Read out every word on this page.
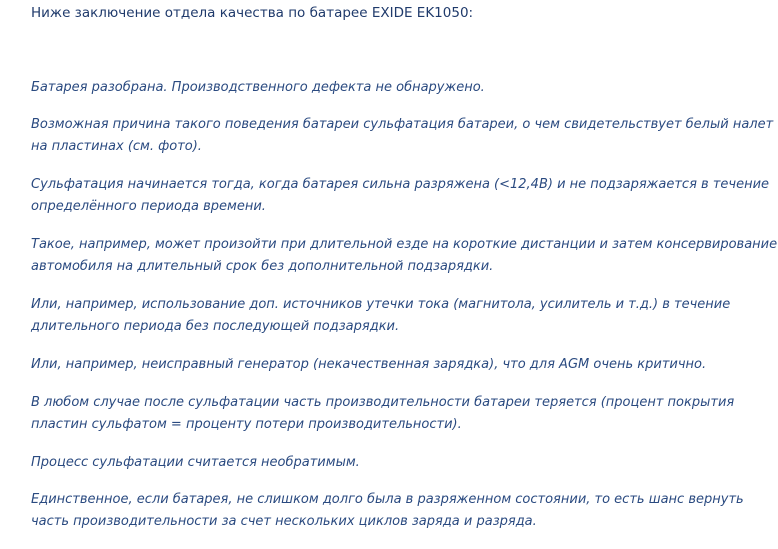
Ниже заключение отдела качества по батарее EXIDE EK1050:

Батарея разобрана. Производственного дефекта не обнаружено.
Возможная причина такого поведения батареи сульфатация батареи, о чем свидетельствует белый налет
на пластинах (см. фото).
Сульфатация начинается тогда, когда батарея сильна разряжена (<12,4В) и не подзаряжается в течение
определённого периода времени.
Такое, например, может произойти при длительной езде на короткие дистанции и затем консервирование
автомобиля на длительный срок без дополнительной подзарядки.
Или, например, использование доп. источников утечки тока (магнитола, усилитель и т.д.) в течение
длительного периода без последующей подзарядки.
Или, например, неисправный генератор (некачественная зарядка), что для AGM очень критично.
В любом случае после сульфатации часть производительности батареи теряется (процент покрытия
пластин сульфатом = проценту потери производительности).
Процесс сульфатации считается необратимым.
Единственное, если батарея, не слишком долго была в разряженном состоянии, то есть шанс вернуть
часть производительности за счет нескольких циклов заряда и разряда.
